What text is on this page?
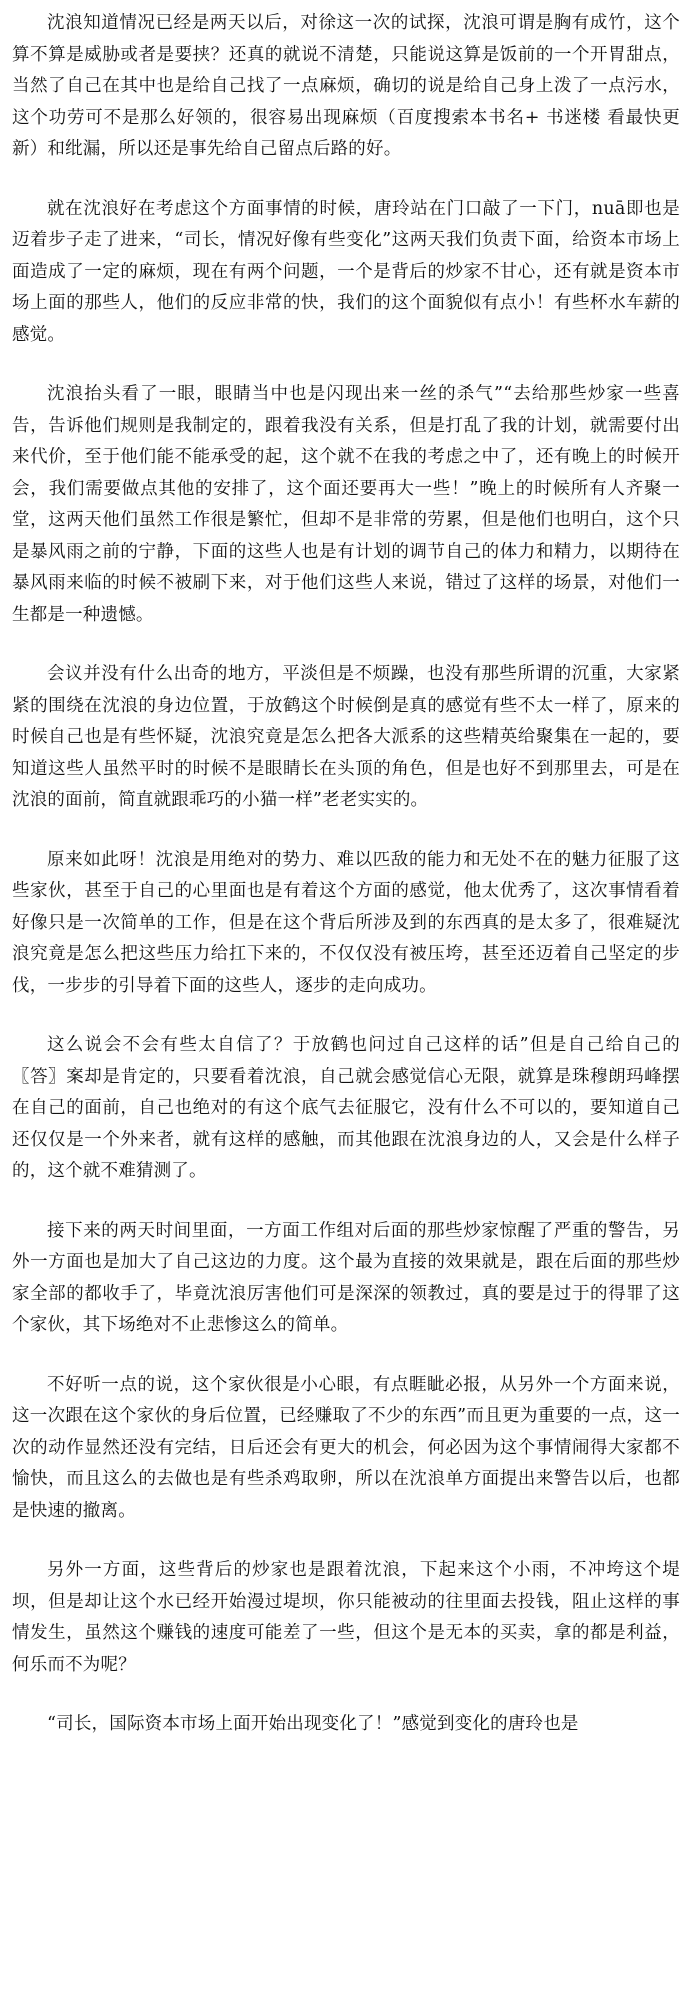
沈浪知道情况已经是两天以后，对徐这一次的试探，沈浪可谓是胸有成竹，这个算不算是威胁或者是要挟？还真的就说不清楚，只能说这算是饭前的一个开胃甜点，当然了自己在其中也是给自己找了一点麻烦，确切的说是给自己身上泼了一点污水，这个功劳可不是那么好领的，很容易出现麻烦（百度搜索本书名+ 书迷楼 看最快更新）和纰漏，所以还是事先给自己留点后路的好。

就在沈浪好在考虑这个方面事情的时候，唐玲站在门口敲了一下门，nuā即也是迈着步子走了进来，“司长，情况好像有些变化”这两天我们负责下面，给资本市场上面造成了一定的麻烦，现在有两个问题，一个是背后的炒家不甘心，还有就是资本市场上面的那些人，他们的反应非常的快，我们的这个面貌似有点小！有些杯水车薪的感觉。

沈浪抬头看了一眼，眼睛当中也是闪现出来一丝的杀气”“去给那些炒家一些喜告，告诉他们规则是我制定的，跟着我没有关系，但是打乱了我的计划，就需要付出来代价，至于他们能不能承受的起，这个就不在我的考虑之中了，还有晚上的时候开会，我们需要做点其他的安排了，这个面还要再大一些！”晚上的时候所有人齐聚一堂，这两天他们虽然工作很是繁忙，但却不是非常的劳累，但是他们也明白，这个只是暴风雨之前的宁静，下面的这些人也是有计划的调节自己的体力和精力，以期待在暴风雨来临的时候不被刷下来，对于他们这些人来说，错过了这样的场景，对他们一生都是一种遗憾。

会议并没有什么出奇的地方，平淡但是不烦躁，也没有那些所谓的沉重，大家紧紧的围绕在沈浪的身边位置，于放鹤这个时候倒是真的感觉有些不太一样了，原来的时候自己也是有些怀疑，沈浪究竟是怎么把各大派系的这些精英给聚集在一起的，要知道这些人虽然平时的时候不是眼睛长在头顶的角色，但是也好不到那里去，可是在沈浪的面前，简直就跟乖巧的小猫一样”老老实实的。

原来如此呀！沈浪是用绝对的势力、难以匹敌的能力和无处不在的魅力征服了这些家伙，甚至于自己的心里面也是有着这个方面的感觉，他太优秀了，这次事情看着好像只是一次简单的工作，但是在这个背后所涉及到的东西真的是太多了，很难疑沈浪究竟是怎么把这些压力给扛下来的，不仅仅没有被压垮，甚至还迈着自己坚定的步伐，一步步的引导着下面的这些人，逐步的走向成功。

这么说会不会有些太自信了？于放鹤也问过自己这样的话”但是自己给自己的〖答〗案却是肯定的，只要看着沈浪，自己就会感觉信心无限，就算是珠穆朗玛峰摆在自己的面前，自己也绝对的有这个底气去征服它，没有什么不可以的，要知道自己还仅仅是一个外来者，就有这样的感触，而其他跟在沈浪身边的人，又会是什么样子的，这个就不难猜测了。

接下来的两天时间里面，一方面工作组对后面的那些炒家惊醒了严重的警告，另外一方面也是加大了自己这边的力度。这个最为直接的效果就是，跟在后面的那些炒家全部的都收手了，毕竟沈浪厉害他们可是深深的领教过，真的要是过于的得罪了这个家伙，其下场绝对不止悲惨这么的简单。

不好听一点的说，这个家伙很是小心眼，有点睚眦必报，从另外一个方面来说，这一次跟在这个家伙的身后位置，已经赚取了不少的东西”而且更为重要的一点，这一次的动作显然还没有完结，日后还会有更大的机会，何必因为这个事情闹得大家都不愉快，而且这么的去做也是有些杀鸡取卵，所以在沈浪单方面提出来警告以后，也都是快速的撤离。

另外一方面，这些背后的炒家也是跟着沈浪，下起来这个小雨，不冲垮这个堤坝，但是却让这个水已经开始漫过堤坝，你只能被动的往里面去投钱，阻止这样的事情发生，虽然这个赚钱的速度可能差了一些，但这个是无本的买卖，拿的都是利益，何乐而不为呢？

“司长，国际资本市场上面开始出现变化了！”感觉到变化的唐玲也是
